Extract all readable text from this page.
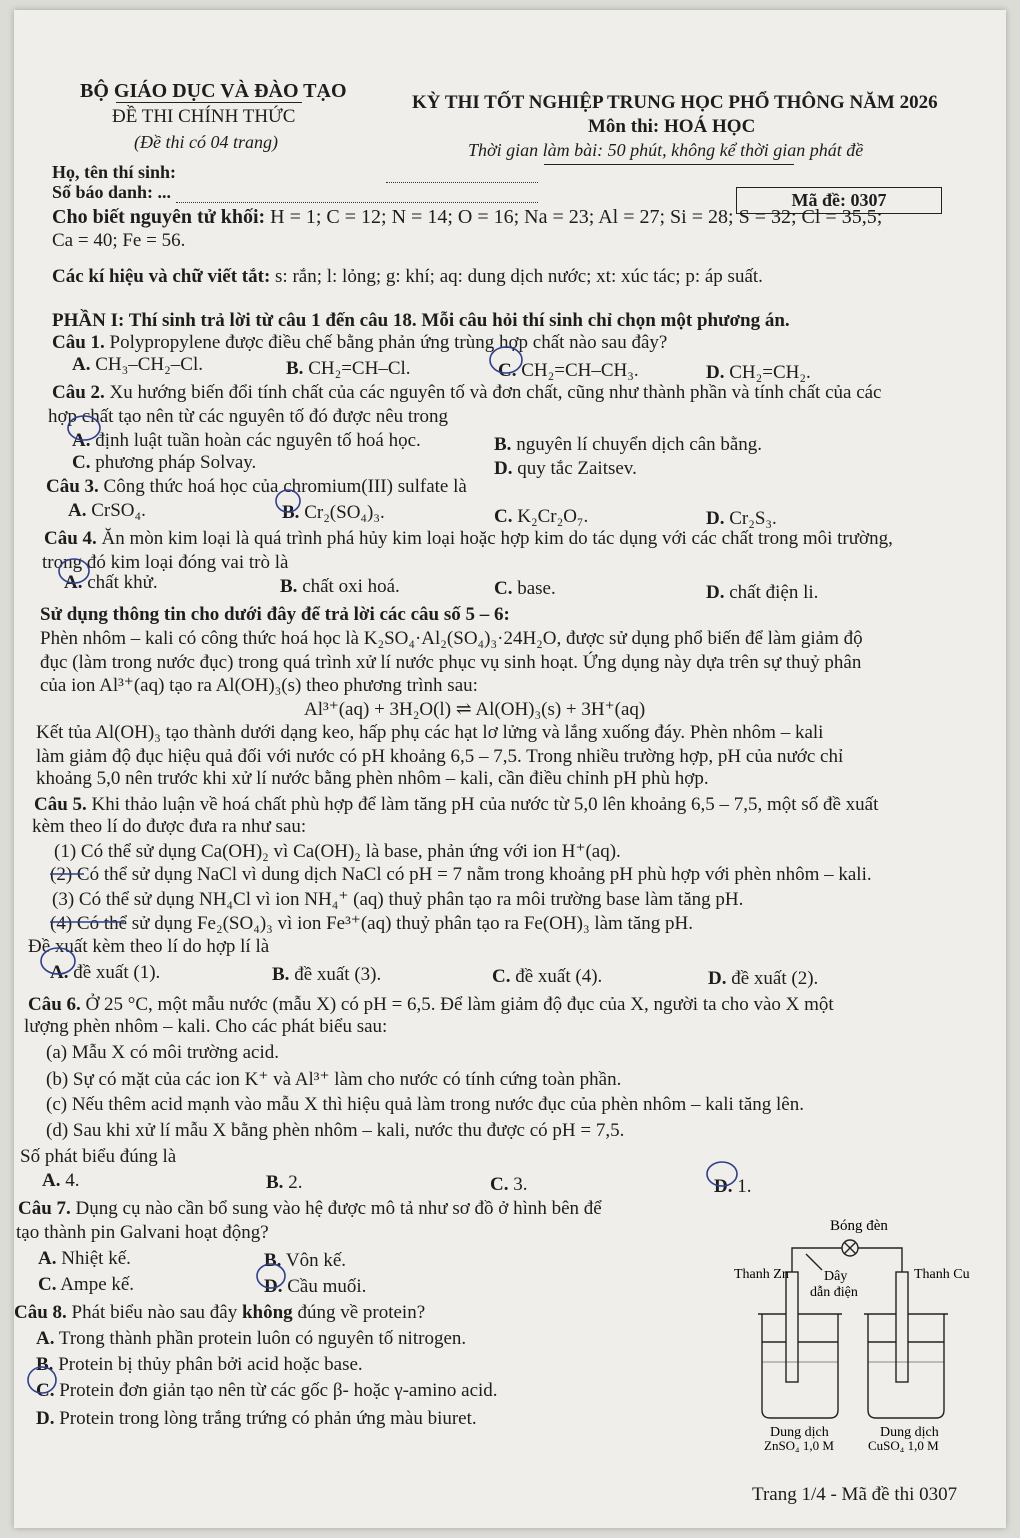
BỘ GIÁO DỤC VÀ ĐÀO TẠO
ĐỀ THI CHÍNH THỨC
(Đề thi có 04 trang)
KỲ THI TỐT NGHIỆP TRUNG HỌC PHỔ THÔNG NĂM 2026
Môn thi: HOÁ HỌC
Thời gian làm bài: 50 phút, không kể thời gian phát đề
Họ, tên thí sinh:
Số báo danh: ...	Mã đề: 0307
Cho biết nguyên tử khối: H = 1; C = 12; N = 14; O = 16; Na = 23; Al = 27; Si = 28; S = 32; Cl = 35,5;
Ca = 40; Fe = 56.
Các kí hiệu và chữ viết tắt: s: rắn; l: lỏng; g: khí; aq: dung dịch nước; xt: xúc tác; p: áp suất.
PHẦN I: Thí sinh trả lời từ câu 1 đến câu 18. Mỗi câu hỏi thí sinh chỉ chọn một phương án.
Câu 1. Polypropylene được điều chế bằng phản ứng trùng hợp chất nào sau đây?
A. CH₃–CH₂–Cl.	B. CH₂=CH–Cl.	C. CH₂=CH–CH₃.	D. CH₂=CH₂.
Câu 2. Xu hướng biến đổi tính chất của các nguyên tố và đơn chất, cũng như thành phần và tính chất của các
hợp chất tạo nên từ các nguyên tố đó được nêu trong
A. định luật tuần hoàn các nguyên tố hoá học.	B. nguyên lí chuyển dịch cân bằng.
C. phương pháp Solvay.	D. quy tắc Zaitsev.
Câu 3. Công thức hoá học của chromium(III) sulfate là
A. CrSO₄.	B. Cr₂(SO₄)₃.	C. K₂Cr₂O₇.	D. Cr₂S₃.
Câu 4. Ăn mòn kim loại là quá trình phá hủy kim loại hoặc hợp kim do tác dụng với các chất trong môi trường,
trong đó kim loại đóng vai trò là
A. chất khử.	B. chất oxi hoá.	C. base.	D. chất điện li.
Sử dụng thông tin cho dưới đây để trả lời các câu số 5 – 6:
Phèn nhôm – kali có công thức hoá học là K₂SO₄·Al₂(SO₄)₃·24H₂O, được sử dụng phổ biến để làm giảm độ
đục (làm trong nước đục) trong quá trình xử lí nước phục vụ sinh hoạt. Ứng dụng này dựa trên sự thuỷ phân
của ion Al³⁺(aq) tạo ra Al(OH)₃(s) theo phương trình sau:
Al³⁺(aq) + 3H₂O(l) ⇌ Al(OH)₃(s) + 3H⁺(aq)
Kết tủa Al(OH)₃ tạo thành dưới dạng keo, hấp phụ các hạt lơ lửng và lắng xuống đáy. Phèn nhôm – kali
làm giảm độ đục hiệu quả đối với nước có pH khoảng 6,5 – 7,5. Trong nhiều trường hợp, pH của nước chỉ
khoảng 5,0 nên trước khi xử lí nước bằng phèn nhôm – kali, cần điều chỉnh pH phù hợp.
Câu 5. Khi thảo luận về hoá chất phù hợp để làm tăng pH của nước từ 5,0 lên khoảng 6,5 – 7,5, một số đề xuất
kèm theo lí do được đưa ra như sau:
(1) Có thể sử dụng Ca(OH)₂ vì Ca(OH)₂ là base, phản ứng với ion H⁺(aq).
(2) Có thể sử dụng NaCl vì dung dịch NaCl có pH = 7 nằm trong khoảng pH phù hợp với phèn nhôm – kali.
(3) Có thể sử dụng NH₄Cl vì ion NH₄⁺ (aq) thuỷ phân tạo ra môi trường base làm tăng pH.
(4) Có thể sử dụng Fe₂(SO₄)₃ vì ion Fe³⁺(aq) thuỷ phân tạo ra Fe(OH)₃ làm tăng pH.
Đề xuất kèm theo lí do hợp lí là
A. đề xuất (1).	B. đề xuất (3).	C. đề xuất (4).	D. đề xuất (2).
Câu 6. Ở 25 °C, một mẫu nước (mẫu X) có pH = 6,5. Để làm giảm độ đục của X, người ta cho vào X một
lượng phèn nhôm – kali. Cho các phát biểu sau:
(a) Mẫu X có môi trường acid.
(b) Sự có mặt của các ion K⁺ và Al³⁺ làm cho nước có tính cứng toàn phần.
(c) Nếu thêm acid mạnh vào mẫu X thì hiệu quả làm trong nước đục của phèn nhôm – kali tăng lên.
(d) Sau khi xử lí mẫu X bằng phèn nhôm – kali, nước thu được có pH = 7,5.
Số phát biểu đúng là
A. 4.	B. 2.	C. 3.	D. 1.
Câu 7. Dụng cụ nào cần bổ sung vào hệ được mô tả như sơ đồ ở hình bên để
tạo thành pin Galvani hoạt động?
A. Nhiệt kế.	B. Vôn kế.
C. Ampe kế.	D. Cầu muối.
Câu 8. Phát biểu nào sau đây không đúng về protein?
A. Trong thành phần protein luôn có nguyên tố nitrogen.
B. Protein bị thủy phân bởi acid hoặc base.
C. Protein đơn giản tạo nên từ các gốc β- hoặc γ-amino acid.
D. Protein trong lòng trắng trứng có phản ứng màu biuret.
Bóng đèn
Thanh Zn	Thanh Cu
Dây
dẫn điện
Dung dịch
ZnSO₄ 1,0 M
Dung dịch
CuSO₄ 1,0 M
Trang 1/4 - Mã đề thi 0307
